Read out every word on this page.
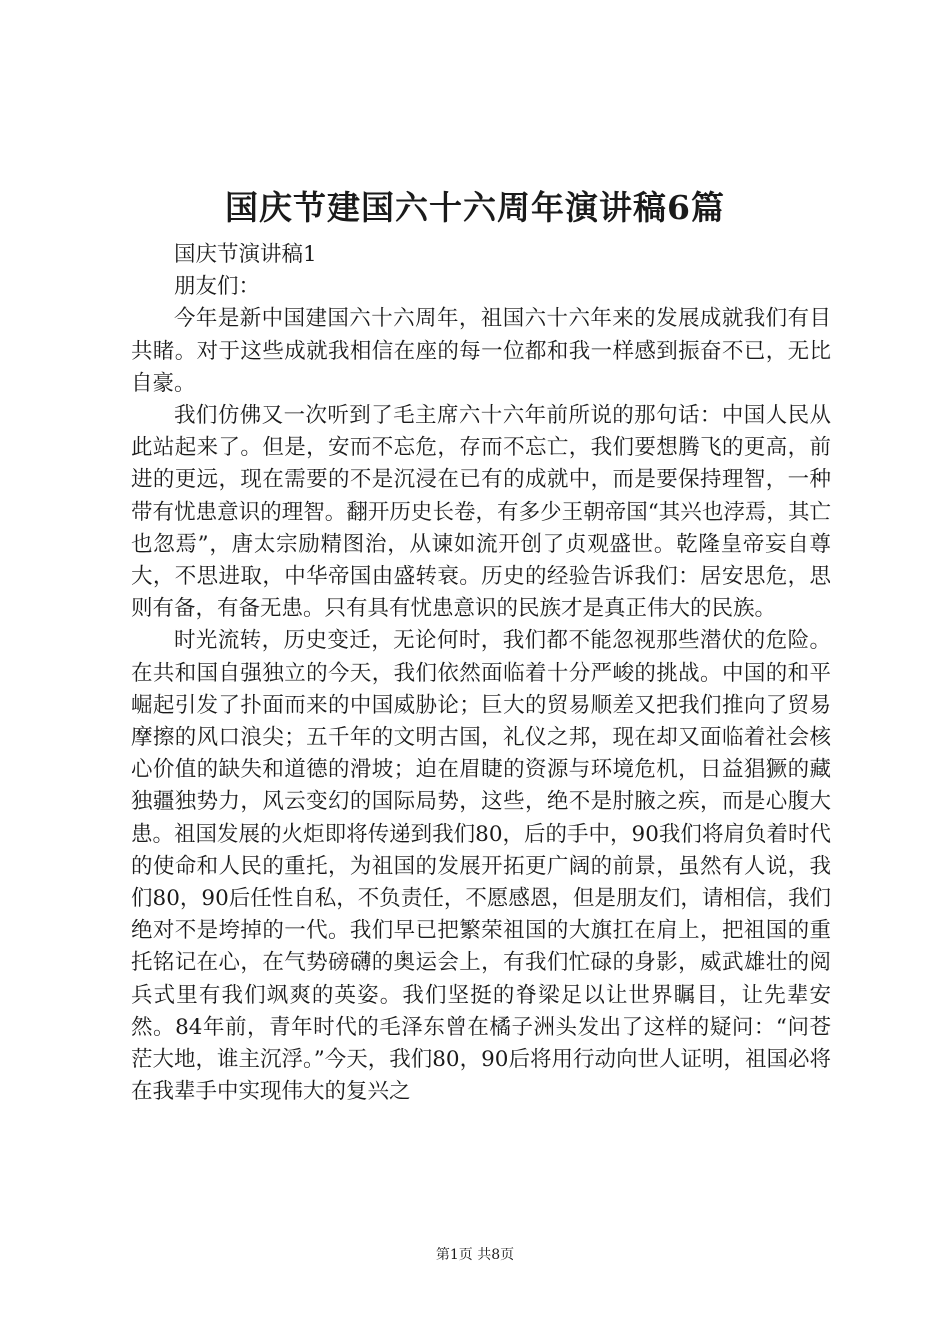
国庆节建国六十六周年演讲稿6篇

国庆节演讲稿1

朋友们：

今年是新中国建国六十六周年，祖国六十六年来的发展成就我们有目共睹。对于这些成就我相信在座的每一位都和我一样感到振奋不已，无比自豪。

我们仿佛又一次听到了毛主席六十六年前所说的那句话：中国人民从此站起来了。但是，安而不忘危，存而不忘亡，我们要想腾飞的更高，前进的更远，现在需要的不是沉浸在已有的成就中，而是要保持理智，一种带有忧患意识的理智。翻开历史长卷，有多少王朝帝国“其兴也浡焉，其亡也忽焉”，唐太宗励精图治，从谏如流开创了贞观盛世。乾隆皇帝妄自尊大，不思进取，中华帝国由盛转衰。历史的经验告诉我们：居安思危，思则有备，有备无患。只有具有忧患意识的民族才是真正伟大的民族。

时光流转，历史变迁，无论何时，我们都不能忽视那些潜伏的危险。在共和国自强独立的今天，我们依然面临着十分严峻的挑战。中国的和平崛起引发了扑面而来的中国威胁论；巨大的贸易顺差又把我们推向了贸易摩擦的风口浪尖；五千年的文明古国，礼仪之邦，现在却又面临着社会核心价值的缺失和道德的滑坡；迫在眉睫的资源与环境危机，日益猖獗的藏独疆独势力，风云变幻的国际局势，这些，绝不是肘腋之疾，而是心腹大患。祖国发展的火炬即将传递到我们80，后的手中，90我们将肩负着时代的使命和人民的重托，为祖国的发展开拓更广阔的前景，虽然有人说，我们80，90后任性自私，不负责任，不愿感恩，但是朋友们，请相信，我们绝对不是垮掉的一代。我们早已把繁荣祖国的大旗扛在肩上，把祖国的重托铭记在心，在气势磅礴的奥运会上，有我们忙碌的身影，威武雄壮的阅兵式里有我们飒爽的英姿。我们坚挺的脊梁足以让世界瞩目，让先辈安然。84年前，青年时代的毛泽东曾在橘子洲头发出了这样的疑问：“问苍茫大地，谁主沉浮。”今天，我们80，90后将用行动向世人证明，祖国必将在我辈手中实现伟大的复兴之

第1页 共8页
